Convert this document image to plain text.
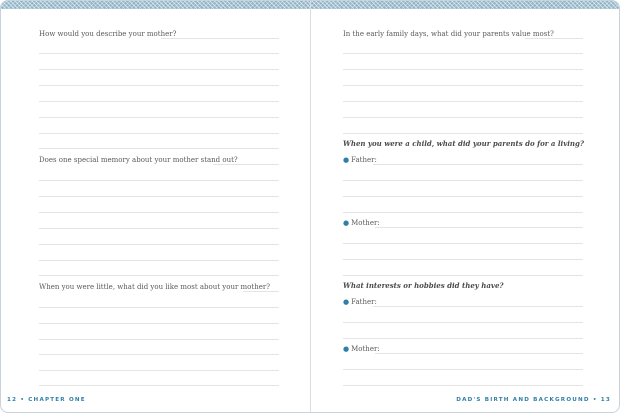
How would you describe your mother?
Does one special memory about your mother stand out?
When you were little, what did you like most about your mother?
12 • CHAPTER ONE
In the early family days, what did your parents value most?
When you were a child, what did your parents do for a living?
● Father:
● Mother:
What interests or hobbies did they have?
● Father:
● Mother:
DAD'S BIRTH AND BACKGROUND • 13
